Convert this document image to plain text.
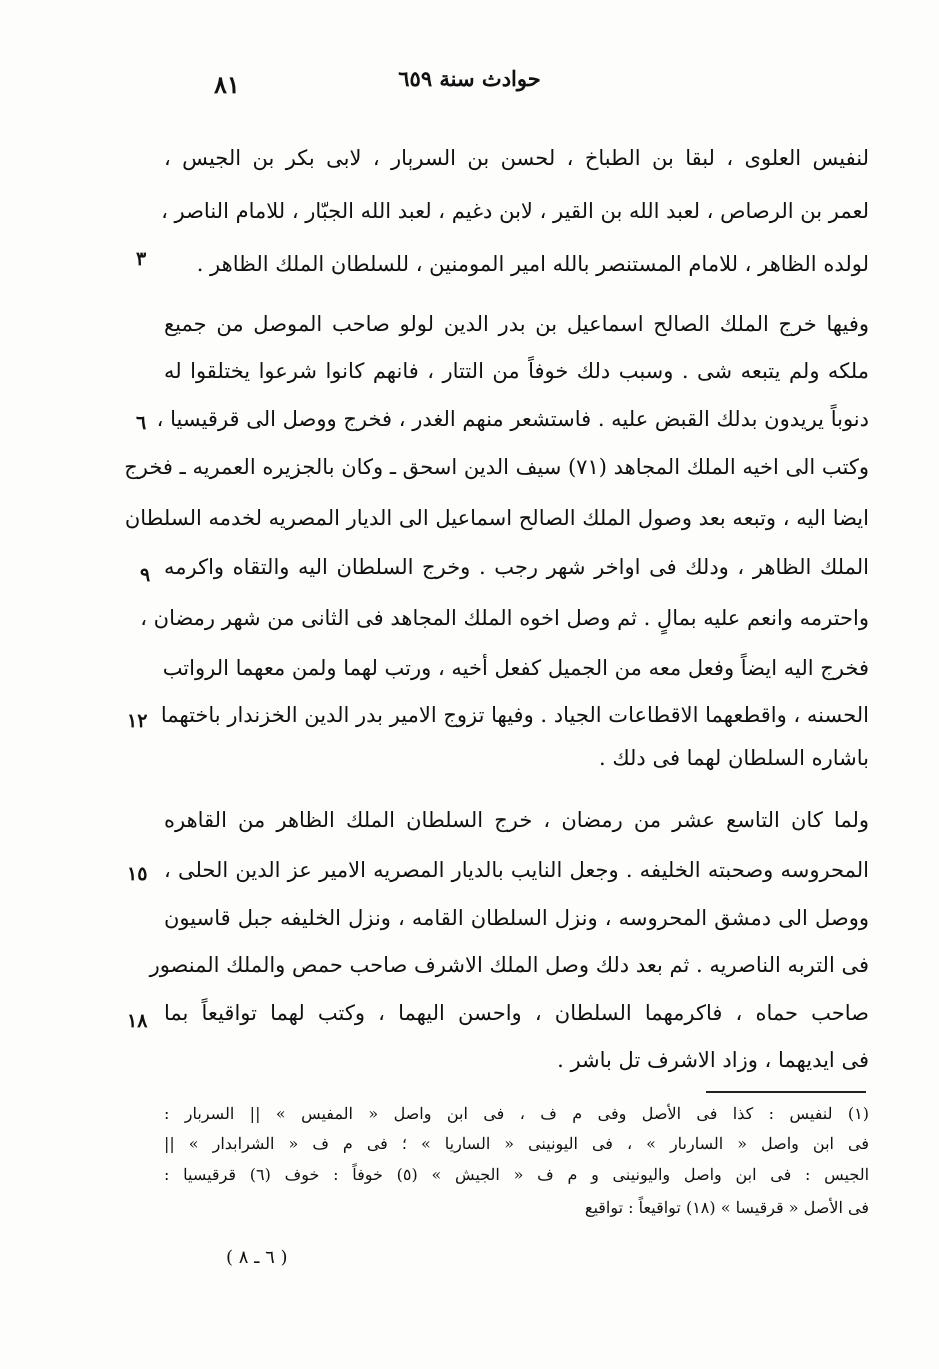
حوادث سنة ٦٥٩
٨١
لنفيس العلوى ، لبقا بن الطباخ ، لحسن بن السرېار ، لابى بكر بن الجيس ،
لعمر بن الرصاص ، لعبد الله بن القير ، لابن دغيم ، لعبد الله الجبّار ، للامام الناصر ،
لولده الظاهر ، للامام المستنصر بالله امير المومنين ، للسلطان الملك الظاهر .
وفيها خرج الملك الصالح اسماعيل بن بدر الدين لولو صاحب الموصل من جميع
ملكه ولم يتبعه شى . وسبب دلك خوفاً من التتار ، فانهم كانوا شرعوا يختلقوا له
دنوباً يريدون بدلك القبض عليه . فاستشعر منهم الغدر ، فخرج ووصل الى قرقيسيا ،
وكتب الى اخيه الملك المجاهد (٧١) سيف الدين اسحق ـ وكان بالجزيره العمريه ـ فخرج
ايضا اليه ، وتبعه بعد وصول الملك الصالح اسماعيل الى الديار المصريه لخدمه السلطان
الملك الظاهر ، ودلك فى اواخر شهر رجب . وخرج السلطان اليه والتقاه واكرمه
واحترمه وانعم عليه بمالٍ . ثم وصل اخوه الملك المجاهد فى الثانى من شهر رمضان ،
فخرج اليه ايضاً وفعل معه من الجميل كفعل أخيه ، ورتب لهما ولمن معهما الرواتب
الحسنه ، واقطعهما الاقطاعات الجياد . وفيها تزوج الامير بدر الدين الخزندار باختهما
باشاره السلطان لهما فى دلك .
ولما كان التاسع عشر من رمضان ، خرج السلطان الملك الظاهر من القاهره
المحروسه وصحبته الخليفه . وجعل النايب بالديار المصريه الامير عز الدين الحلى ،
ووصل الى دمشق المحروسه ، ونزل السلطان القامه ، ونزل الخليفه جبل قاسيون
فى التربه الناصريه . ثم بعد دلك وصل الملك الاشرف صاحب حمص والملك المنصور
صاحب حماه ، فاكرمهما السلطان ، واحسن اليهما ، وكتب لهما تواقيعاً بما
فى ايديهما ، وزاد الاشرف تل باشر .
٣
٦
٩
١٢
١٥
١٨
(١) لنفيس : كذا فى الأصل وفى م ف ، فى ابن واصل « المفيس » || السربار :
فى ابن واصل « السارىار » ، فى اليونينى « الساريا » ؛ فى م ف « الشرابدار » ||
الجيس : فى ابن واصل واليونينى و م ف « الجيش » (٥) خوفاً : خوف (٦) قرقيسيا :
فى الأصل « قرقيسا » (١٨) تواقيعاً : تواقيع
( ٦ ـ ٨ )
